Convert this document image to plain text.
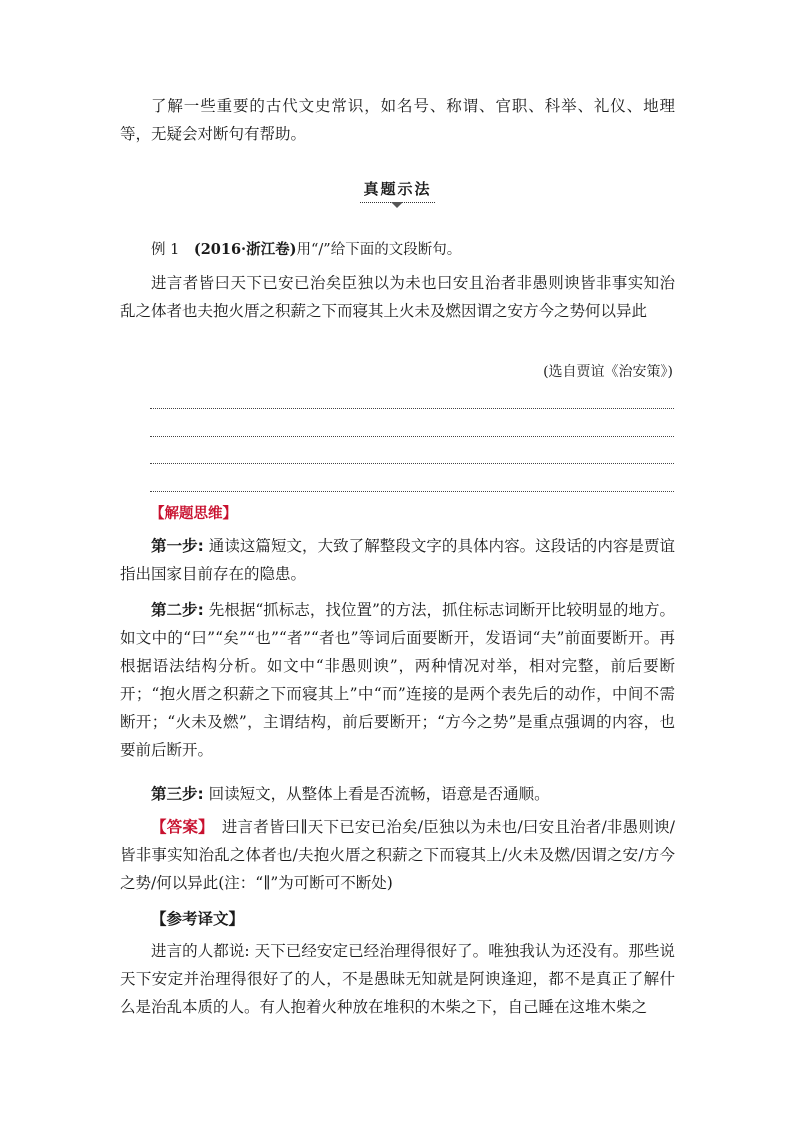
了解一些重要的古代文史常识，如名号、称谓、官职、科举、礼仪、地理等，无疑会对断句有帮助。

真题示法

例 1　 (2016·浙江卷)用“/”给下面的文段断句。

进言者皆曰天下已安已治矣臣独以为未也曰安且治者非愚则谀皆非事实知治乱之体者也夫抱火厝之积薪之下而寝其上火未及燃因谓之安方今之势何以异此

(选自贾谊《治安策》)

【解题思维】

第一步: 通读这篇短文，大致了解整段文字的具体内容。这段话的内容是贾谊指出国家目前存在的隐患。

第二步: 先根据“抓标志，找位置”的方法，抓住标志词断开比较明显的地方。如文中的“曰”“矣”“也”“者”“者也”等词后面要断开，发语词“夫”前面要断开。再根据语法结构分析。如文中“非愚则谀”，两种情况对举，相对完整，前后要断开；“抱火厝之积薪之下而寝其上”中“而”连接的是两个表先后的动作，中间不需断开；“火未及燃”，主谓结构，前后要断开；“方今之势”是重点强调的内容，也要前后断开。

第三步: 回读短文，从整体上看是否流畅，语意是否通顺。

【答案】　进言者皆曰∥天下已安已治矣/臣独以为未也/曰安且治者/非愚则谀/皆非事实知治乱之体者也/夫抱火厝之积薪之下而寝其上/火未及燃/因谓之安/方今之势/何以异此(注：“∥”为可断可不断处)

【参考译文】

进言的人都说: 天下已经安定已经治理得很好了。唯独我认为还没有。那些说天下安定并治理得很好了的人，不是愚昧无知就是阿谀逢迎，都不是真正了解什么是治乱本质的人。有人抱着火种放在堆积的木柴之下，自己睡在这堆木柴之
